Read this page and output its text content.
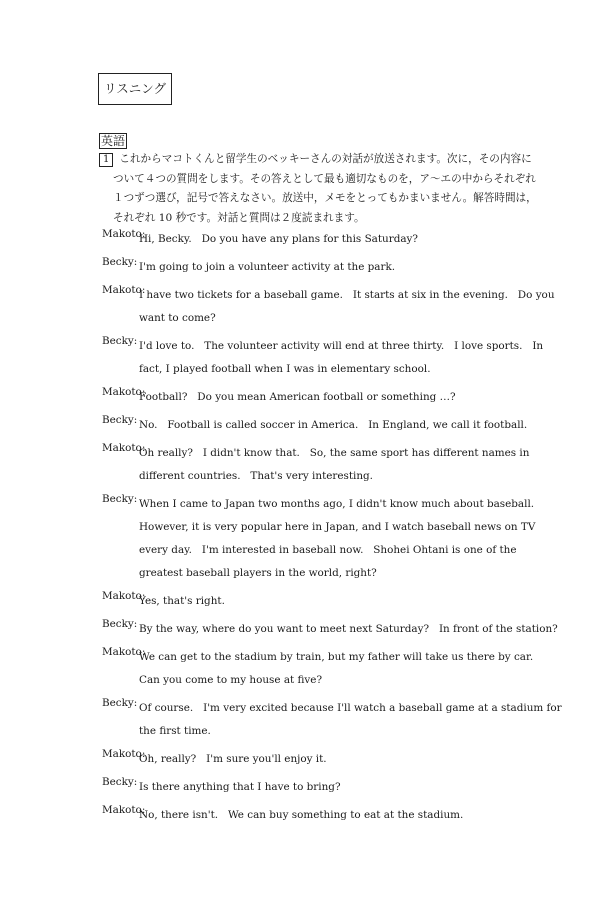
リスニング
英語
1 これからマコトくんと留学生のベッキーさんの対話が放送されます。次に，その内容に
ついて４つの質問をします。その答えとして最も適切なものを，ア〜エの中からそれぞれ
１つずつ選び，記号で答えなさい。放送中，メモをとってもかまいません。解答時間は，
それぞれ 10 秒です。対話と質問は２度読まれます。
Makoto:
Hi, Becky.   Do you have any plans for this Saturday?
Becky: I'm going to join a volunteer activity at the park.
Makoto:
I have two tickets for a baseball game.   It starts at six in the evening.   Do you
want to come?
Becky: I'd love to.   The volunteer activity will end at three thirty.   I love sports.   In
fact, I played football when I was in elementary school.
Makoto:
Football?   Do you mean American football or something …?
Becky: No.   Football is called soccer in America.   In England, we call it football.
Makoto:
Oh really?   I didn't know that.   So, the same sport has different names in
different countries.   That's very interesting.
Becky: When I came to Japan two months ago, I didn't know much about baseball.
However, it is very popular here in Japan, and I watch baseball news on TV
every day.   I'm interested in baseball now.   Shohei Ohtani is one of the
greatest baseball players in the world, right?
Makoto:
Yes, that's right.
Becky: By the way, where do you want to meet next Saturday?   In front of the station?
Makoto:
We can get to the stadium by train, but my father will take us there by car.
Can you come to my house at five?
Becky: Of course.   I'm very excited because I'll watch a baseball game at a stadium for
the first time.
Makoto:
Oh, really?   I'm sure you'll enjoy it.
Becky: Is there anything that I have to bring?
Makoto:
No, there isn't.   We can buy something to eat at the stadium.
